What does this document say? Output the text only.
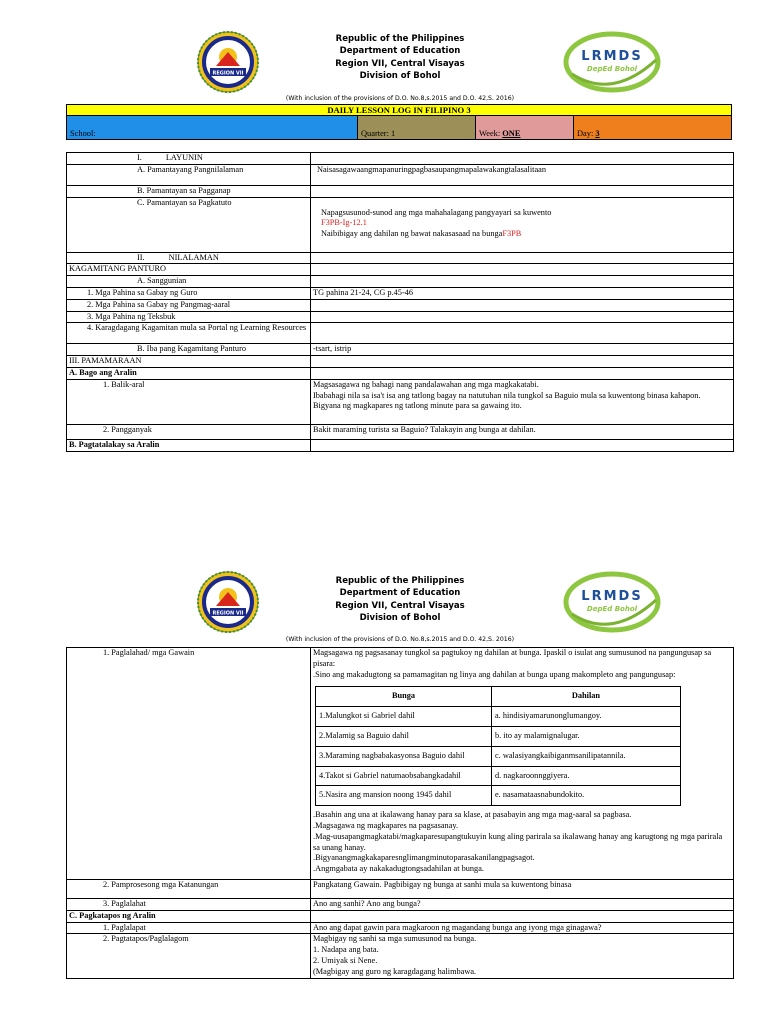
REGION VII
Republic of the Philippines
Department of Education
Region VII, Central Visayas
Division of Bohol
LRMDS
DepEd Bohol
(With inclusion of the provisions of D.O. No.8,s.2015 and D.O. 42,S. 2016)
DAILY LESSON LOG IN FILIPINO 3
School:	Quarter: 1	Week: ONE	Day: 3
I. LAYUNIN	
A. Pamantayang Pangnilalaman	Naisasagawaangmapanuringpagbasaupangmapalawakangtalasalitaan
B. Pamantayan sa Pagganap	
C. Pamantayan sa Pagkatuto	Napagsusunod-sunod ang mga mahahalagang pangyayari sa kuwento F3PB-Ig-12.1
Naibibigay ang dahilan ng bawat nakasasaad na bungaF3PB

II. NILALAMAN	
KAGAMITANG PANTURO	
A. Sanggunian	
1. Mga Pahina sa Gabay ng Guro	TG pahina 21-24, CG p.45-46
2. Mga Pahina sa Gabay ng Pangmag-aaral	
3. Mga Pahina ng Teksbuk	
4. Karagdagang Kagamitan mula sa Portal ng Learning Resources	
B. Iba pang Kagamitang Panturo	-tsart, istrip
III. PAMAMARAAN	
A. Bago ang Aralin	
1. Balik-aral	Magsasagawa ng bahagi nang pandalawahan ang mga magkakatabi.
Ibabahagi nila sa isa't isa ang tatlong bagay na natutuhan nila tungkol sa Baguio mula sa kuwentong binasa kahapon.
Bigyana ng magkapares ng tatlong minute para sa gawaing ito.

2. Pangganyak	Bakit maraming turista sa Baguio? Talakayin ang bunga at dahilan.
B. Pagtatalakay sa Aralin	
REGION VII
Republic of the Philippines
Department of Education
Region VII, Central Visayas
Division of Bohol
LRMDS
DepEd Bohol
(With inclusion of the provisions of D.O. No.8,s.2015 and D.O. 42,S. 2016)
1. Paglalahad/ mga Gawain	Magsagawa ng pagsasanay tungkol sa pagtukoy ng dahilan at bunga. Ipaskil o isulat ang sumusunod na pangungusap sa pisara:
.Sino ang makadugtong sa pamamagitan ng linya ang dahilan at bunga upang makompleto ang pangungusap:
Bunga	Dahilan
1.Malungkot si Gabriel dahil	a. hindisiyamarunonglumangoy.
2.Malamig sa Baguio dahil	b. ito ay malamignalugar.
3.Maraming nagbabakasyonsa Baguio dahil	c. walasiyangkaibiganmsanilipatannila.
4.Takot si Gabriel natumaobsabangkadahil	d. nagkaroonnggiyera.
5.Nasira ang mansion noong 1945 dahil	e. nasamataasnabundokito.
.Basahin ang una at ikalawang hanay para sa klase, at pasabayin ang mga mag-aaral sa pagbasa.
.Magsagawa ng magkapares na pagsasanay.
.Mag-uusapangmagkatabi/magkaparesupangtukuyin kung aling parirala sa ikalawang hanay ang karugtong ng mga parirala sa unang hanay.
.Bigyanangmagkakaparesnglimangminutoparasakanilangpagsagot.
.Angmgabata ay nakakadugtongsadahilan at bunga.

2. Pamprosesong mga Katanungan	Pangkatang Gawain. Pagbibigay ng bunga at sanhi mula sa kuwentong binasa
3. Paglalahat	Ano ang sanhi? Ano ang bunga?
C. Pagkatapos ng Aralin	
1. Paglalapat	Ano ang dapat gawin para magkaroon ng magandang bunga ang iyong mga ginagawa?
2. Pagtatapos/Paglalagom	Magbigay ng sanhi sa mga sumusunod na bunga.
1. Nadapa ang bata.
2. Umiyak si Nene.
(Magbigay ang guro ng karagdagang halimbawa.
